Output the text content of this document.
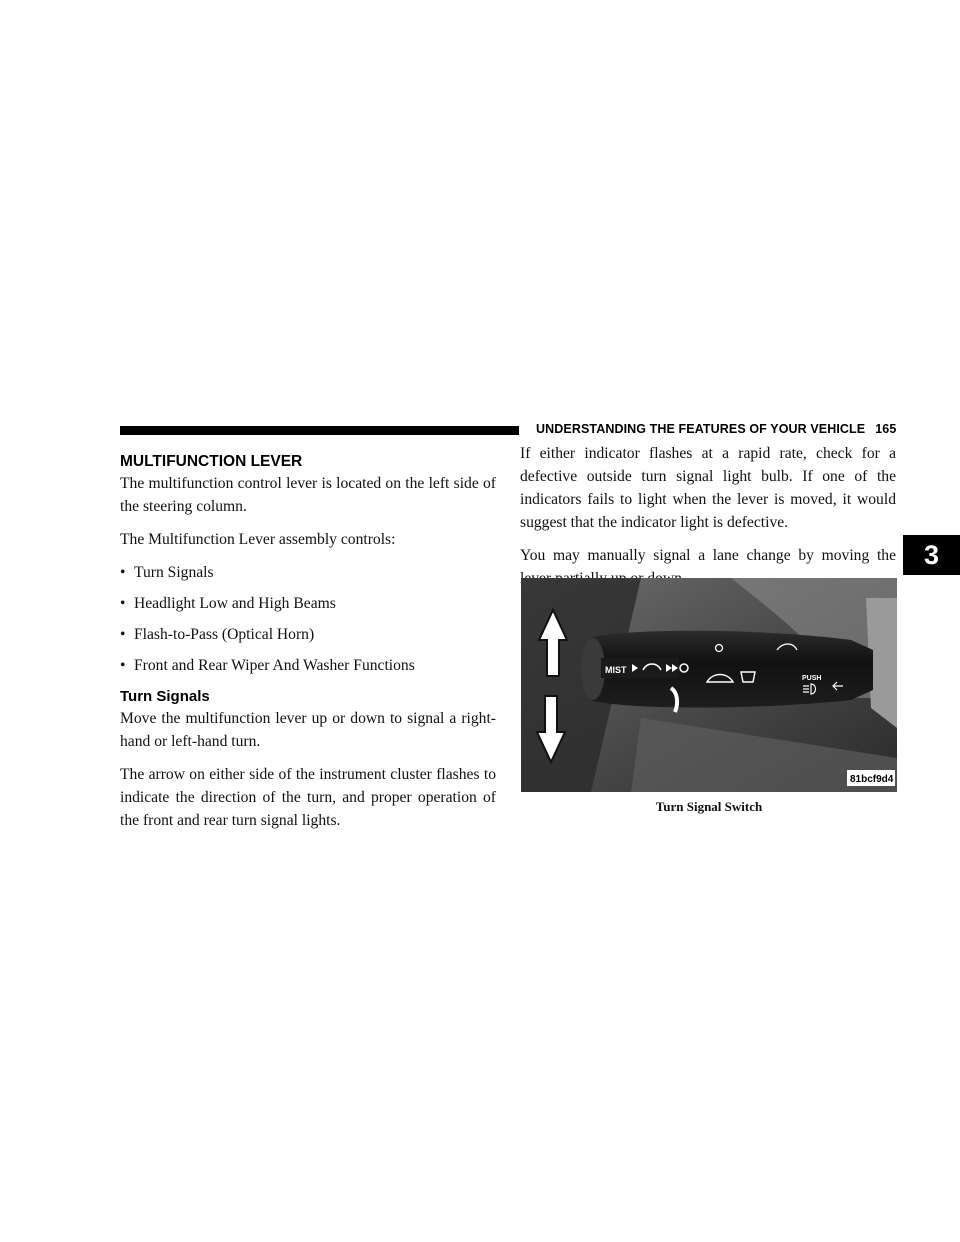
UNDERSTANDING THE FEATURES OF YOUR VEHICLE 165
3
MULTIFUNCTION LEVER

The multifunction control lever is located on the left side of the steering column.

The Multifunction Lever assembly controls:

• Turn Signals
• Headlight Low and High Beams
• Flash-to-Pass (Optical Horn)
• Front and Rear Wiper And Washer Functions
Turn Signals

Move the multifunction lever up or down to signal a right-hand or left-hand turn.

The arrow on either side of the instrument cluster flashes to indicate the direction of the turn, and proper operation of the front and rear turn signal lights.

If either indicator flashes at a rapid rate, check for a defective outside turn signal light bulb. If one of the indicators fails to light when the lever is moved, it would suggest that the indicator light is defective.

You may manually signal a lane change by moving the

MIST
PUSH
81bcf9d4
Turn Signal Switch
